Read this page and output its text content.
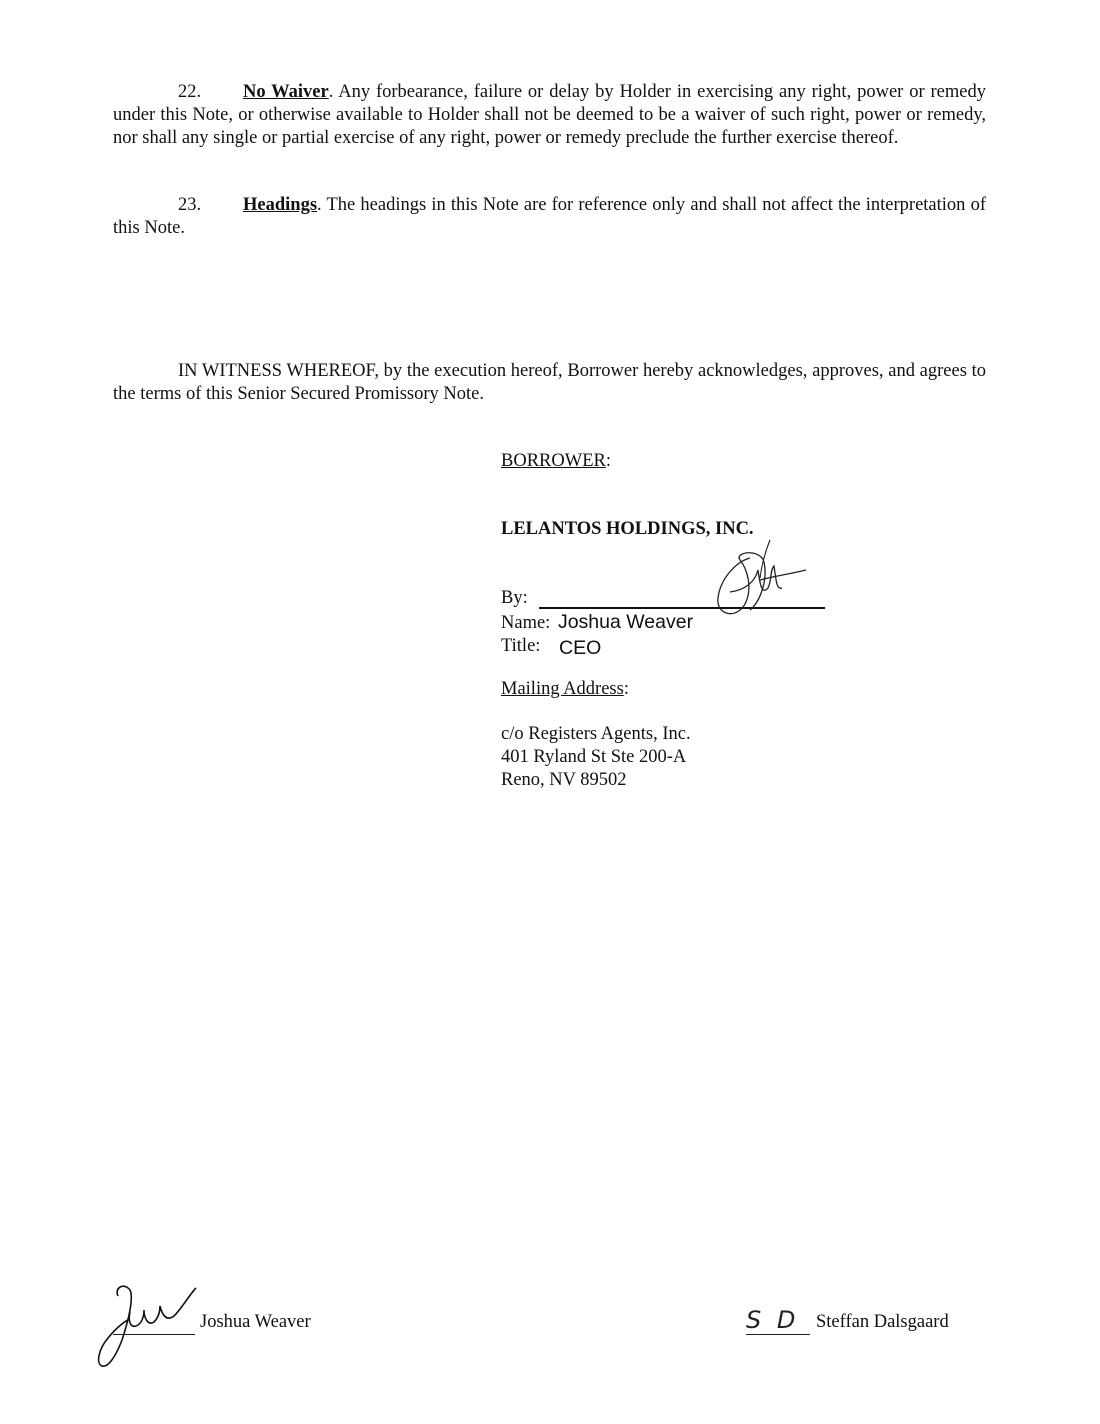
22. No Waiver. Any forbearance, failure or delay by Holder in exercising any right, power or remedy under this Note, or otherwise available to Holder shall not be deemed to be a waiver of such right, power or remedy, nor shall any single or partial exercise of any right, power or remedy preclude the further exercise thereof.

23. Headings. The headings in this Note are for reference only and shall not affect the interpretation of this Note.

IN WITNESS WHEREOF, by the execution hereof, Borrower hereby acknowledges, approves, and agrees to the terms of this Senior Secured Promissory Note.

BORROWER:
LELANTOS HOLDINGS, INC.
By:
Name: Joshua Weaver
Title: CEO
Mailing Address:
c/o Registers Agents, Inc.
401 Ryland St Ste 200-A
Reno, NV 89502
Joshua Weaver	S D Steffan Dalsgaard
